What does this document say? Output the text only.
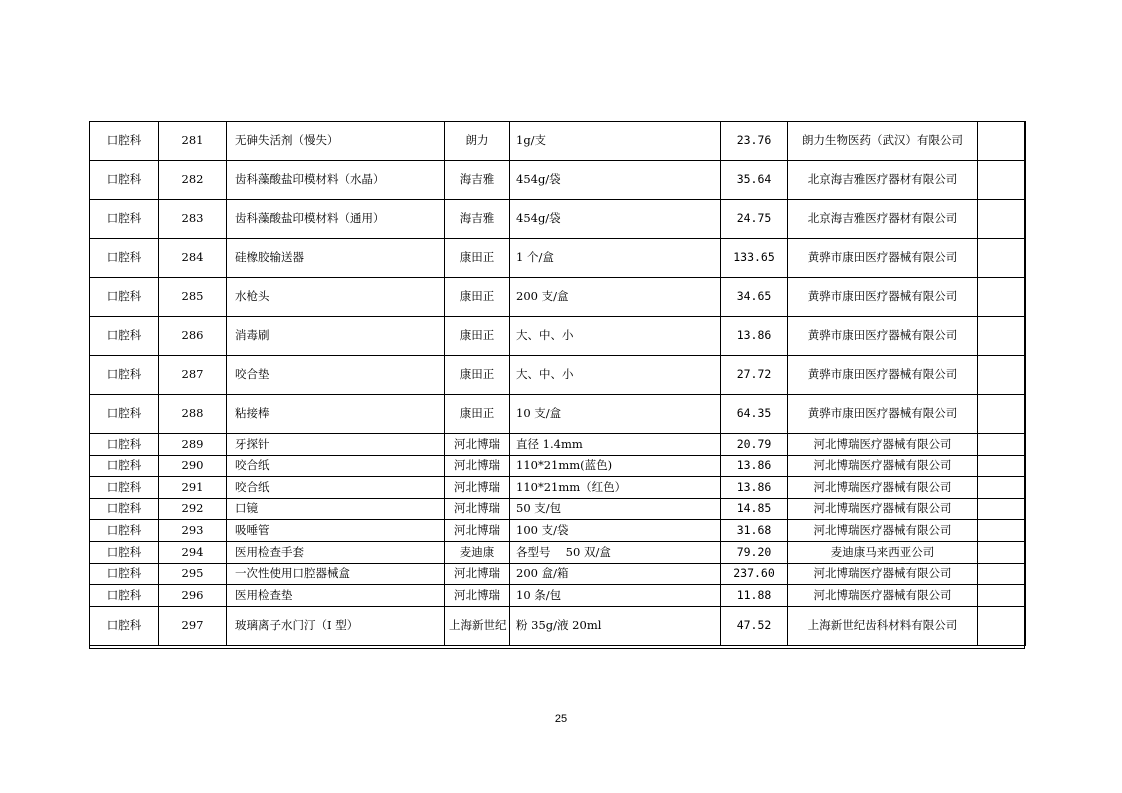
口腔科	281	无砷失活剂（慢失）	朗力	1g/支	23.76	朗力生物医药（武汉）有限公司	
口腔科	282	齿科藻酸盐印模材料（水晶）	海吉雅	454g/袋	35.64	北京海吉雅医疗器材有限公司	
口腔科	283	齿科藻酸盐印模材料（通用）	海吉雅	454g/袋	24.75	北京海吉雅医疗器材有限公司	
口腔科	284	硅橡胶输送器	康田正	1 个/盒	133.65	黄骅市康田医疗器械有限公司	
口腔科	285	水枪头	康田正	200 支/盒	34.65	黄骅市康田医疗器械有限公司	
口腔科	286	消毒刷	康田正	大、中、小	13.86	黄骅市康田医疗器械有限公司	
口腔科	287	咬合垫	康田正	大、中、小	27.72	黄骅市康田医疗器械有限公司	
口腔科	288	粘接棒	康田正	10 支/盒	64.35	黄骅市康田医疗器械有限公司	
口腔科	289	牙探针	河北博瑞	直径 1.4mm	20.79	河北博瑞医疗器械有限公司	
口腔科	290	咬合纸	河北博瑞	110*21mm(蓝色)	13.86	河北博瑞医疗器械有限公司	
口腔科	291	咬合纸	河北博瑞	110*21mm（红色）	13.86	河北博瑞医疗器械有限公司	
口腔科	292	口镜	河北博瑞	50 支/包	14.85	河北博瑞医疗器械有限公司	
口腔科	293	吸唾管	河北博瑞	100 支/袋	31.68	河北博瑞医疗器械有限公司	
口腔科	294	医用检查手套	麦迪康	各型号　 50 双/盒	79.20	麦迪康马来西亚公司	
口腔科	295	一次性使用口腔器械盒	河北博瑞	200 盒/箱	237.60	河北博瑞医疗器械有限公司	
口腔科	296	医用检查垫	河北博瑞	10 条/包	11.88	河北博瑞医疗器械有限公司	
口腔科	297	玻璃离子水门汀（I 型）	上海新世纪	粉 35g/液 20ml	47.52	上海新世纪齿科材料有限公司	
25
